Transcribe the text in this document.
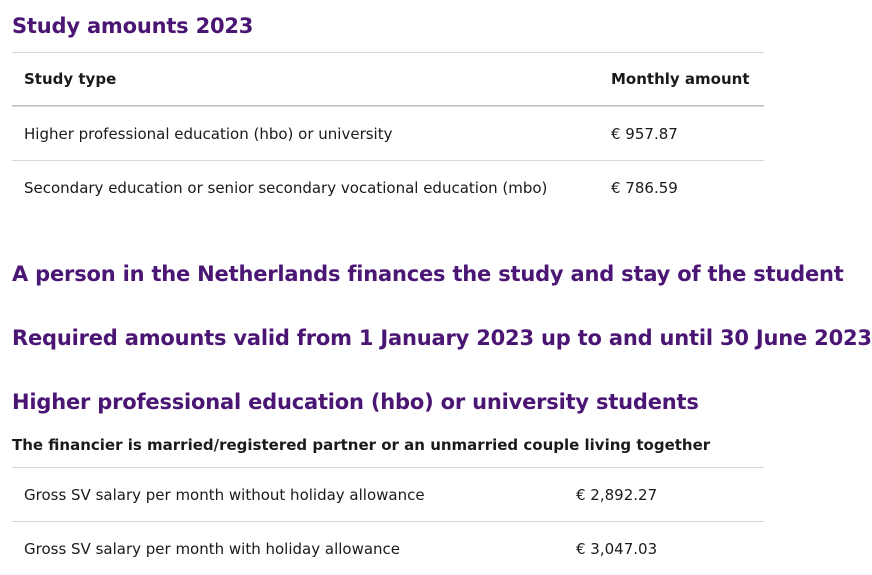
Study amounts 2023
Study type	Monthly amount
Higher professional education (hbo) or university	€ 957.87
Secondary education or senior secondary vocational education (mbo)	€ 786.59
A person in the Netherlands finances the study and stay of the student
Required amounts valid from 1 January 2023 up to and until 30 June 2023
Higher professional education (hbo) or university students
The financier is married/registered partner or an unmarried couple living together
Gross SV salary per month without holiday allowance	€ 2,892.27
Gross SV salary per month with holiday allowance	€ 3,047.03
